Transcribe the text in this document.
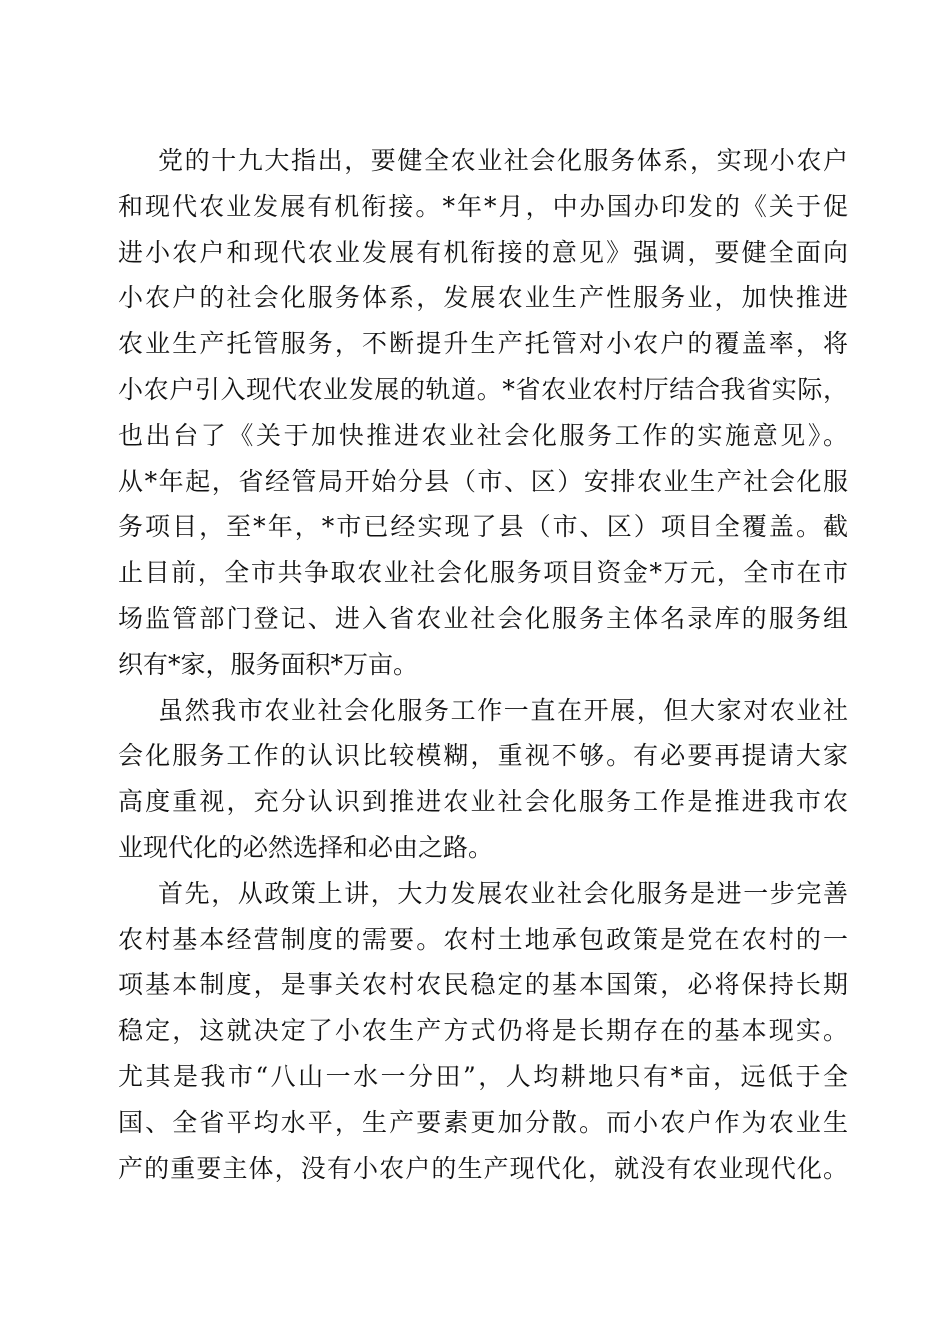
党的十九大指出，要健全农业社会化服务体系，实现小农户
和现代农业发展有机衔接。*年*月，中办国办印发的《关于促
进小农户和现代农业发展有机衔接的意见》强调，要健全面向
小农户的社会化服务体系，发展农业生产性服务业，加快推进
农业生产托管服务，不断提升生产托管对小农户的覆盖率，将
小农户引入现代农业发展的轨道。*省农业农村厅结合我省实际，
也出台了《关于加快推进农业社会化服务工作的实施意见》。
从*年起，省经管局开始分县（市、区）安排农业生产社会化服
务项目，至*年，*市已经实现了县（市、区）项目全覆盖。截
止目前，全市共争取农业社会化服务项目资金*万元，全市在市
场监管部门登记、进入省农业社会化服务主体名录库的服务组
织有*家，服务面积*万亩。
虽然我市农业社会化服务工作一直在开展，但大家对农业社
会化服务工作的认识比较模糊，重视不够。有必要再提请大家
高度重视，充分认识到推进农业社会化服务工作是推进我市农
业现代化的必然选择和必由之路。
首先，从政策上讲，大力发展农业社会化服务是进一步完善
农村基本经营制度的需要。农村土地承包政策是党在农村的一
项基本制度，是事关农村农民稳定的基本国策，必将保持长期
稳定，这就决定了小农生产方式仍将是长期存在的基本现实。
尤其是我市“八山一水一分田”，人均耕地只有*亩，远低于全
国、全省平均水平，生产要素更加分散。而小农户作为农业生
产的重要主体，没有小农户的生产现代化，就没有农业现代化。
